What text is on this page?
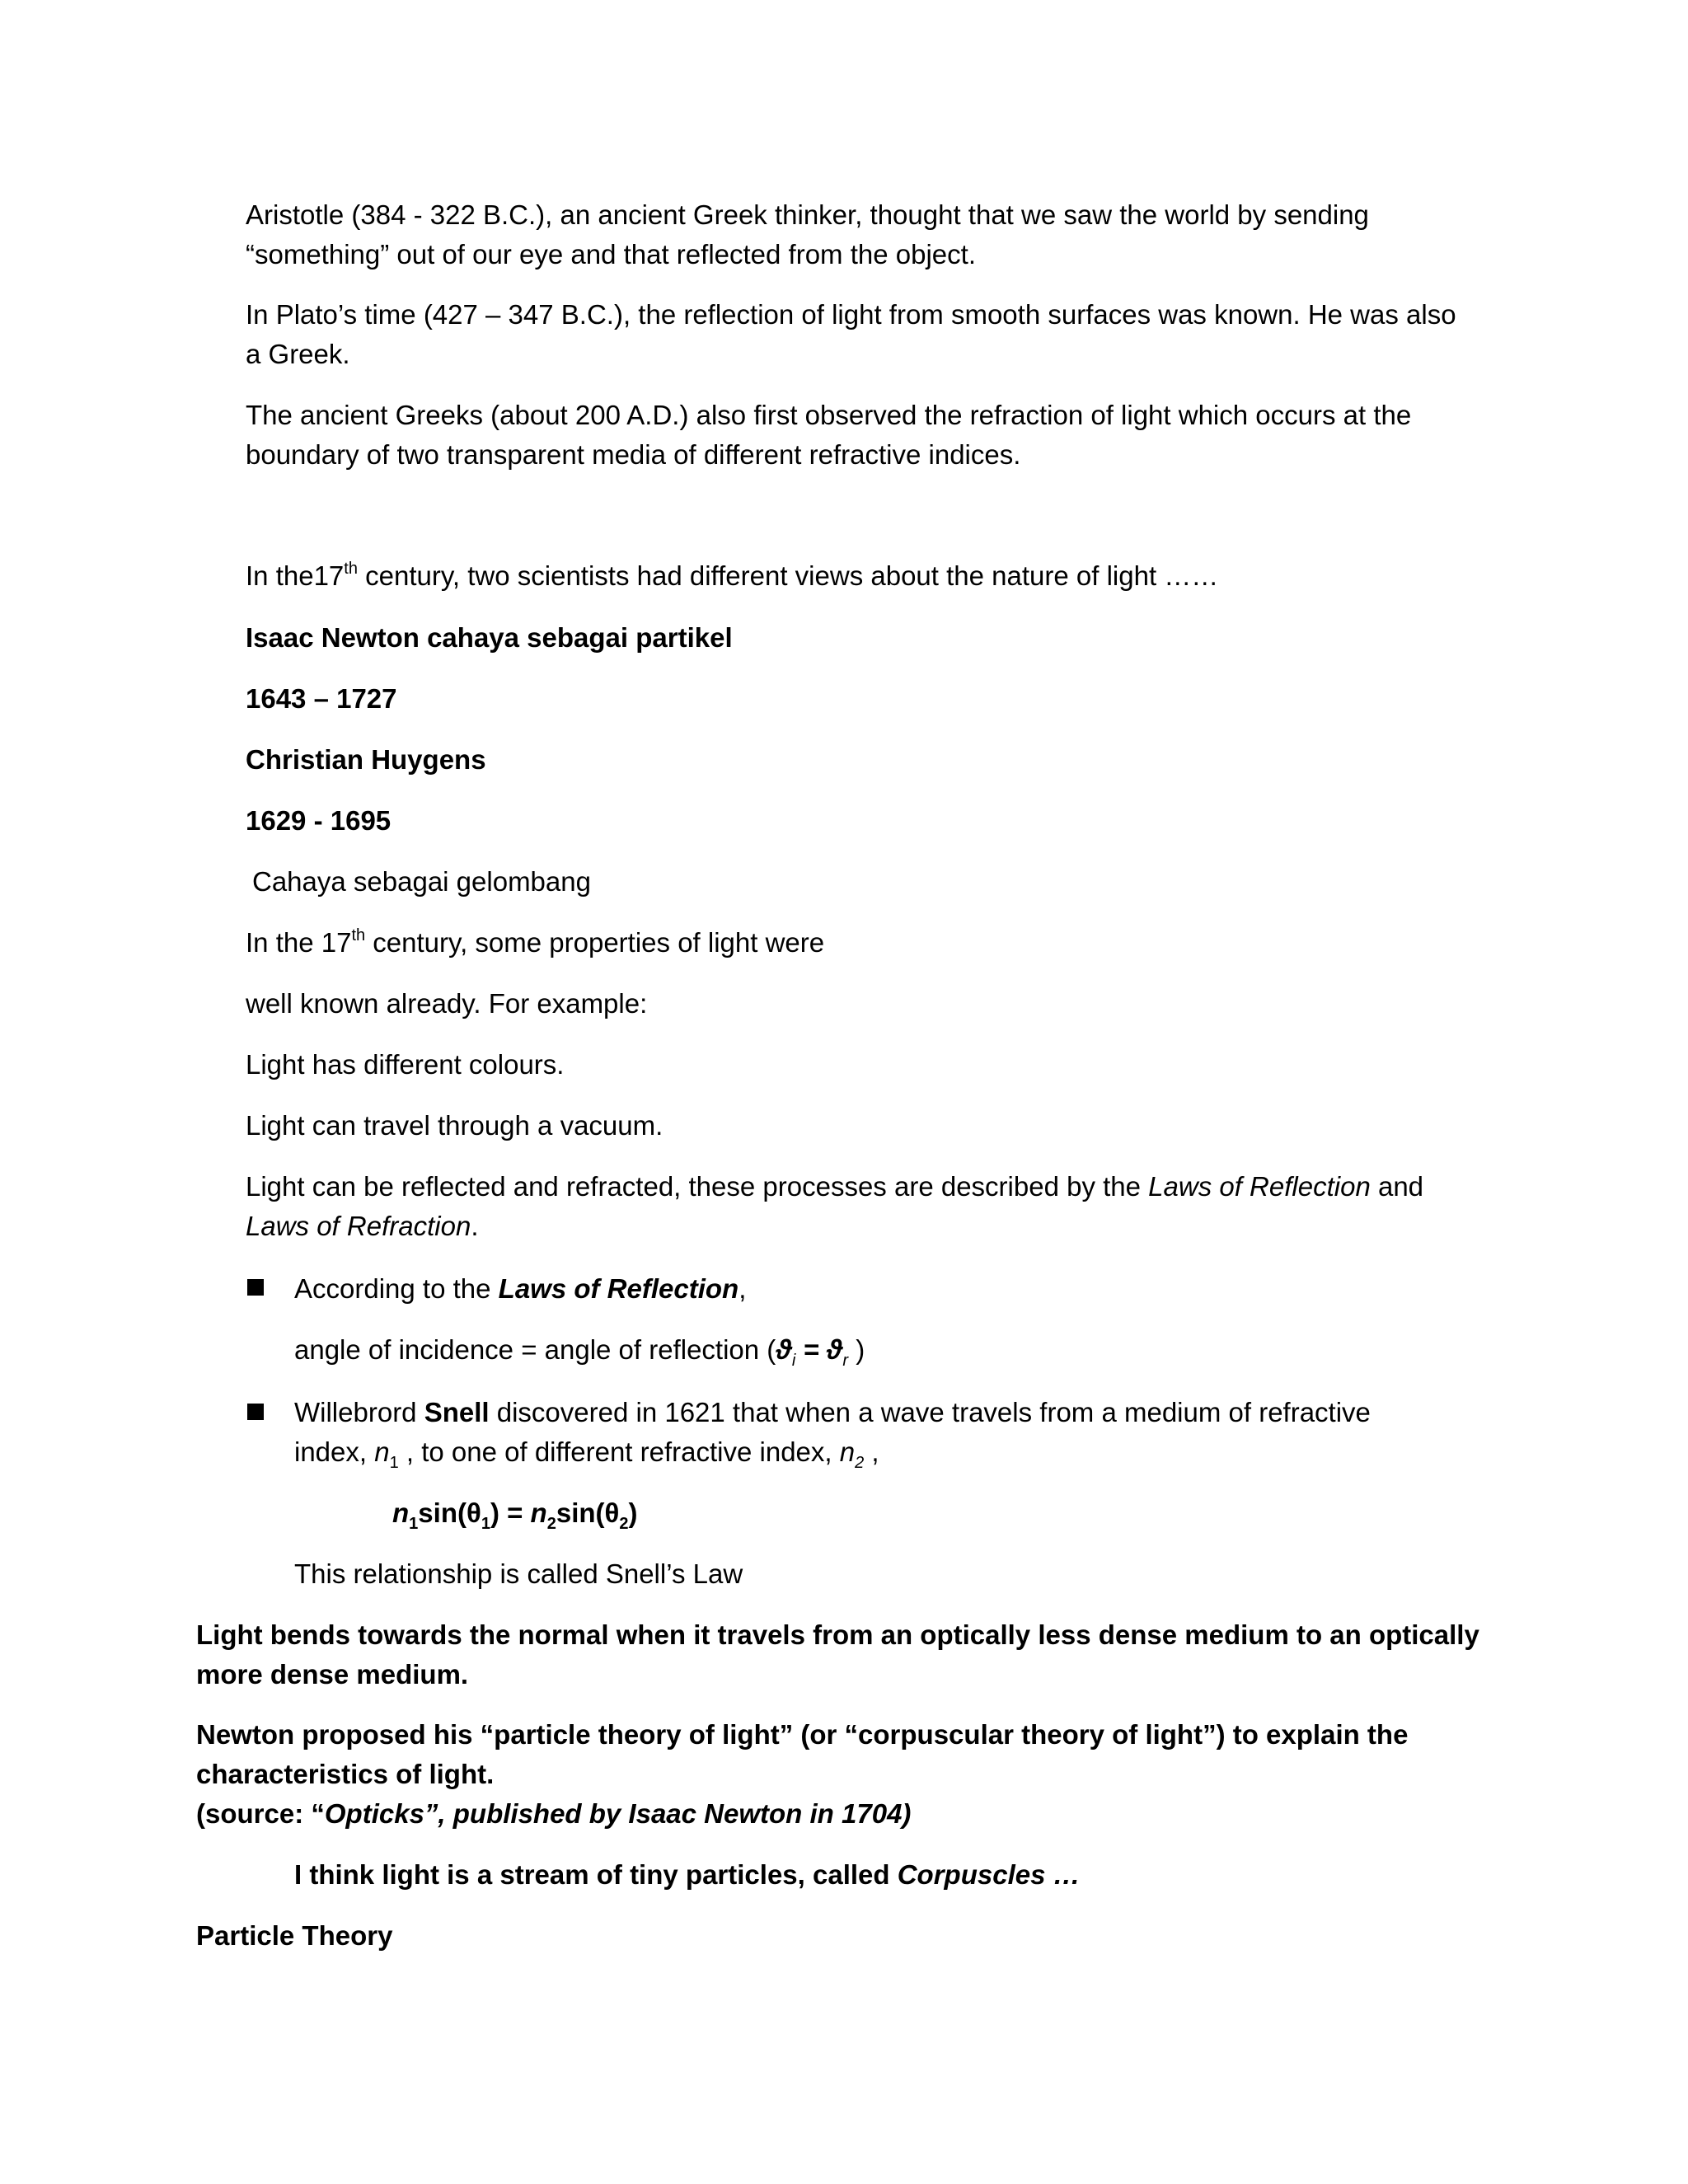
Aristotle (384 - 322 B.C.), an ancient Greek thinker, thought that we saw the world by sending

“something” out of our eye and that reflected from the object.

In Plato’s time (427 – 347 B.C.), the reflection of light from smooth surfaces was known. He was also

a Greek.

The ancient Greeks (about 200 A.D.) also first observed the refraction of light which occurs at the

boundary of two transparent media of different refractive indices.

In the17th century, two scientists had different views about the nature of light ……

Isaac Newton cahaya sebagai partikel

1643 – 1727

Christian Huygens

1629 - 1695

Cahaya sebagai gelombang

In the 17th century, some properties of light were

well known already. For example:

Light has different colours.

Light can travel through a vacuum.

Light can be reflected and refracted, these processes are described by the Laws of Reflection and

Laws of Refraction.

According to the Laws of Reflection,

angle of incidence = angle of reflection ($ϑ_i = ϑ_r$ )

Willebrord Snell discovered in 1621 that when a wave travels from a medium of refractive

index, $n_1$ , to one of different refractive index, $n_2$ ,

$n_1\sin(\theta_1) = n_2\sin(\theta_2)$

This relationship is called Snell’s Law

Light bends towards the normal when it travels from an optically less dense medium to an optically

more dense medium.

Newton proposed his “particle theory of light” (or “corpuscular theory of light”) to explain the

characteristics of light.

(source: “Opticks”, published by Isaac Newton in 1704)

I think light is a stream of tiny particles, called Corpuscles …

Particle Theory
